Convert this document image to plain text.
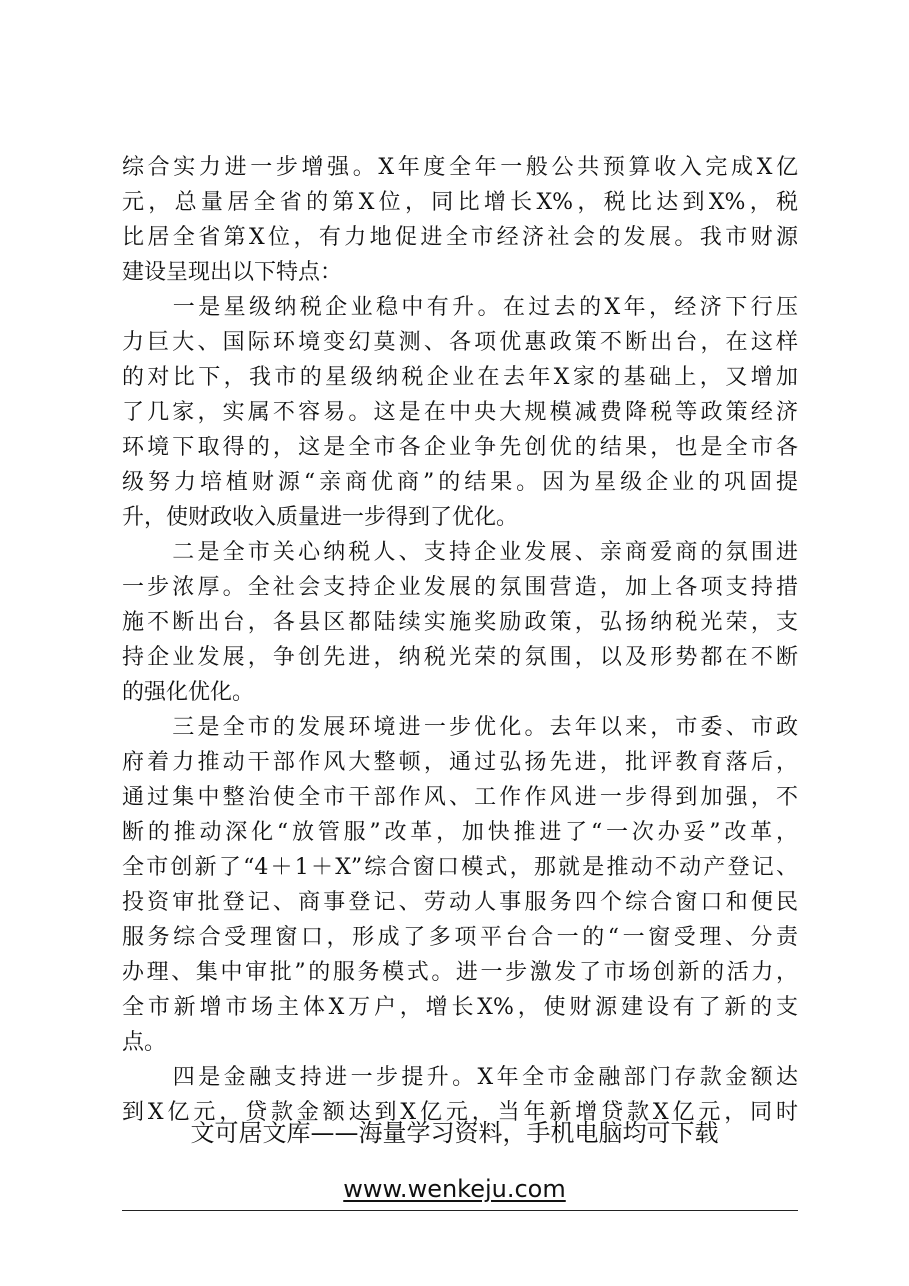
综合实力进一步增强。X年度全年一般公共预算收入完成X亿
元，总量居全省的第X位，同比增长X%，税比达到X%，税
比居全省第X位，有力地促进全市经济社会的发展。我市财源
建设呈现出以下特点：
　　一是星级纳税企业稳中有升。在过去的X年，经济下行压
力巨大、国际环境变幻莫测、各项优惠政策不断出台，在这样
的对比下，我市的星级纳税企业在去年X家的基础上，又增加
了几家，实属不容易。这是在中央大规模减费降税等政策经济
环境下取得的，这是全市各企业争先创优的结果，也是全市各
级努力培植财源“亲商优商”的结果。因为星级企业的巩固提
升，使财政收入质量进一步得到了优化。
　　二是全市关心纳税人、支持企业发展、亲商爱商的氛围进
一步浓厚。全社会支持企业发展的氛围营造，加上各项支持措
施不断出台，各县区都陆续实施奖励政策，弘扬纳税光荣，支
持企业发展，争创先进，纳税光荣的氛围，以及形势都在不断
的强化优化。
　　三是全市的发展环境进一步优化。去年以来，市委、市政
府着力推动干部作风大整顿，通过弘扬先进，批评教育落后，
通过集中整治使全市干部作风、工作作风进一步得到加强，不
断的推动深化“放管服”改革，加快推进了“一次办妥”改革，
全市创新了“4＋1＋X”综合窗口模式，那就是推动不动产登记、
投资审批登记、商事登记、劳动人事服务四个综合窗口和便民
服务综合受理窗口，形成了多项平台合一的“一窗受理、分责
办理、集中审批”的服务模式。进一步激发了市场创新的活力，
全市新增市场主体X万户，增长X%，使财源建设有了新的支
点。
　　四是金融支持进一步提升。X年全市金融部门存款金额达
到X亿元，贷款金额达到X亿元，当年新增贷款X亿元，同时
文可居文库——海量学习资料，手机电脑均可下载
www.wenkeju.com
